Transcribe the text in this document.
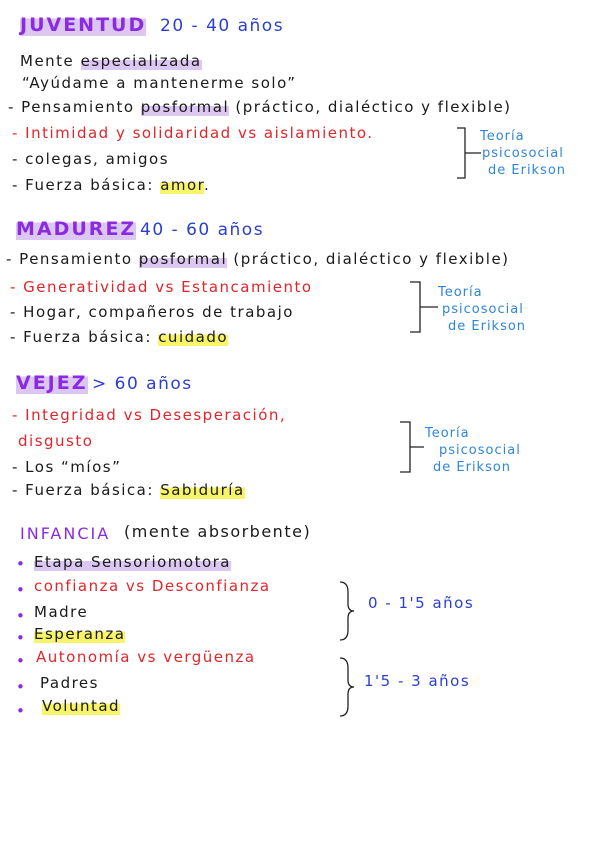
JUVENTUD 20 - 40 años
Mente especializada
“Ayúdame a mantenerme solo”
- Pensamiento posformal (práctico, dialéctico y flexible)
- Intimidad y solidaridad vs aislamiento.
- colegas, amigos
- Fuerza básica: amor.
Teoría
psicosocial
de Erikson
MADUREZ 40 - 60 años
- Pensamiento posformal (práctico, dialéctico y flexible)
- Generatividad vs Estancamiento
- Hogar, compañeros de trabajo
- Fuerza básica: cuidado
Teoría
psicosocial
de Erikson
VEJEZ > 60 años
- Integridad vs Desesperación,
disgusto
- Los “míos”
- Fuerza básica: Sabiduría
Teoría
psicosocial
de Erikson
INFANCIA (mente absorbente)
• Etapa Sensoriomotora
• confianza vs Desconfianza
• Madre
• Esperanza
• Autonomía vs vergüenza
• Padres
• Voluntad
0 - 1'5 años
1'5 - 3 años
